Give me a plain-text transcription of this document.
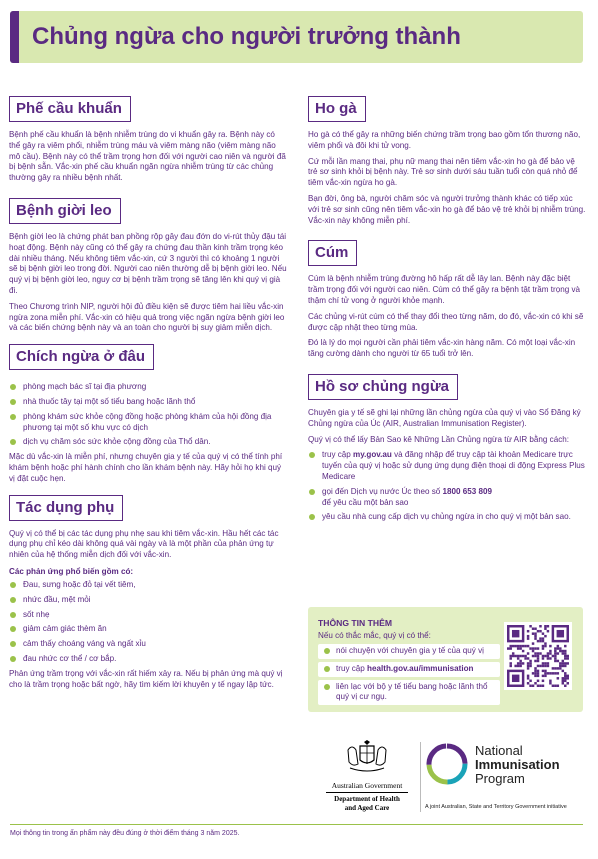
Chủng ngừa cho người trưởng thành
Phế cầu khuẩn

Bệnh phế cầu khuẩn là bệnh nhiễm trùng do vi khuẩn gây ra. Bệnh này có thể gây ra viêm phổi, nhiễm trùng máu và viêm màng não (viêm màng não mô cầu). Bệnh này có thể trầm trọng hơn đối với người cao niên và người đã bị bệnh sẵn. Vắc-xin phế cầu khuẩn ngăn ngừa nhiễm trùng từ các chủng thường gây ra nhiều bệnh nhất.

Bệnh giời leo

Bệnh giời leo là chứng phát ban phồng rộp gây đau đớn do vi-rút thủy đậu tái hoạt động. Bệnh này cũng có thể gây ra chứng đau thần kinh trầm trọng kéo dài nhiều tháng. Nếu không tiêm vắc-xin, cứ 3 người thì có khoảng 1 người sẽ bị bệnh giời leo trong đời. Người cao niên thường dễ bị bệnh giời leo. Nếu quý vị bị bệnh giời leo, nguy cơ bị bệnh trầm trọng sẽ tăng lên khi quý vị già đi.

Theo Chương trình NIP, người hội đủ điều kiện sẽ được tiêm hai liều vắc-xin ngừa zona miễn phí. Vắc-xin có hiệu quả trong việc ngăn ngừa bệnh giời leo và các biến chứng bệnh này và an toàn cho người bị suy giảm miễn dịch.

Chích ngừa ở đâu
phòng mạch bác sĩ tại địa phương
nhà thuốc tây tại một số tiểu bang hoặc lãnh thổ
phòng khám sức khỏe cộng đồng hoặc phòng khám của hội đồng địa phương tại một số khu vực có dịch
dịch vụ chăm sóc sức khỏe cộng đồng của Thổ dân.

Mặc dù vắc-xin là miễn phí, nhưng chuyên gia y tế của quý vị có thể tính phí khám bệnh hoặc phí hành chính cho lần khám bệnh này. Hãy hỏi họ khi quý vị đặt cuộc hẹn.

Tác dụng phụ

Quý vị có thể bị các tác dụng phụ nhẹ sau khi tiêm vắc-xin. Hầu hết các tác dụng phụ chỉ kéo dài không quá vài ngày và là một phần của phản ứng tự nhiên của hệ thống miễn dịch đối với vắc-xin.

Các phản ứng phổ biến gồm có:
Đau, sưng hoặc đỏ tại vết tiêm,
nhức đầu, mệt mỏi
sốt nhẹ
giảm cảm giác thèm ăn
cảm thấy choáng váng và ngất xỉu
đau nhức cơ thể / cơ bắp.

Phản ứng trầm trọng với vắc-xin rất hiếm xảy ra. Nếu bị phản ứng mà quý vị cho là trầm trọng hoặc bất ngờ, hãy tìm kiếm lời khuyên y tế ngay lập tức.

Ho gà

Ho gà có thể gây ra những biến chứng trầm trọng bao gồm tổn thương não, viêm phổi và đôi khi tử vong.

Cứ mỗi lần mang thai, phụ nữ mang thai nên tiêm vắc-xin ho gà để bảo vệ trẻ sơ sinh khỏi bị bệnh này. Trẻ sơ sinh dưới sáu tuần tuổi còn quá nhỏ để tiêm vắc-xin ngừa ho gà.

Bạn đời, ông bà, người chăm sóc và người trưởng thành khác có tiếp xúc với trẻ sơ sinh cũng nên tiêm vắc-xin ho gà để bảo vệ trẻ khỏi bị nhiễm trùng. Vắc-xin này không miễn phí.

Cúm

Cúm là bệnh nhiễm trùng đường hô hấp rất dễ lây lan. Bệnh này đặc biệt trầm trọng đối với người cao niên. Cúm có thể gây ra bệnh tật trầm trọng và thậm chí tử vong ở người khỏe mạnh.

Các chủng vi-rút cúm có thể thay đổi theo từng năm, do đó, vắc-xin có khi sẽ được cập nhật theo từng mùa.

Đó là lý do mọi người cần phải tiêm vắc-xin hàng năm. Có một loại vắc-xin tăng cường dành cho người từ 65 tuổi trở lên.

Hồ sơ chủng ngừa

Chuyên gia y tế sẽ ghi lại những lần chủng ngừa của quý vị vào Sổ Đăng ký Chủng ngừa của Úc (AIR, Australian Immunisation Register).

Quý vị có thể lấy Bản Sao kê Những Lần Chủng ngừa từ AIR bằng cách:

truy cập my.gov.au và đăng nhập để truy cập tài khoản Medicare trực tuyến của quý vị hoặc sử dụng ứng dụng điện thoại di động Express Plus Medicare
gọi đến Dịch vụ nước Úc theo số 1800 653 809
để yêu cầu một bản sao
yêu cầu nhà cung cấp dịch vụ chủng ngừa in cho quý vị một bản sao.
THÔNG TIN THÊM
Nếu có thắc mắc, quý vị có thể:
nói chuyện với chuyên gia y tế của quý vị
truy cập health.gov.au/immunisation
liên lạc với bộ y tế tiểu bang hoặc lãnh thổ quý vị cư ngụ.
Australian Government
Department of Health
and Aged Care
National
Immunisation
Program
A joint Australian, State and Territory Government initiative
Mọi thông tin trong ấn phẩm này đều đúng ở thời điểm tháng 3 năm 2025.
